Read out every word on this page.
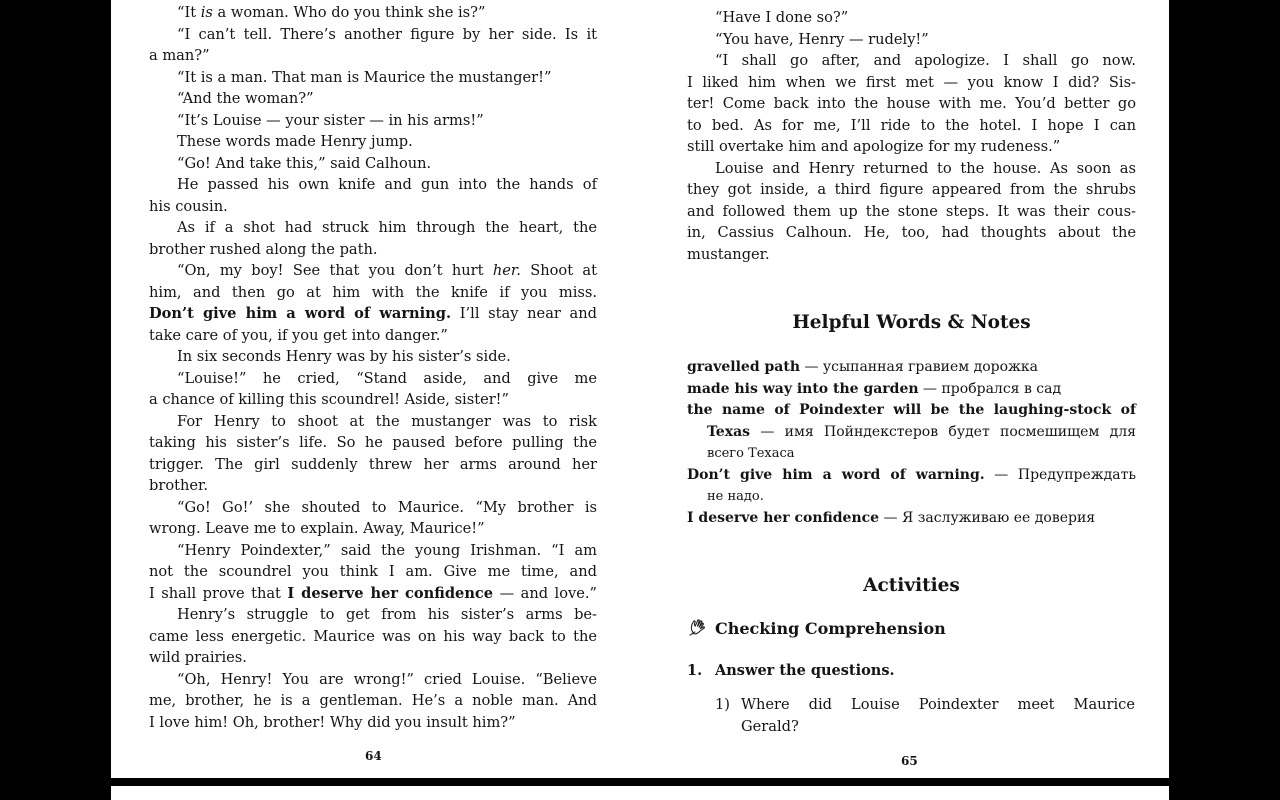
“It is a woman. Who do you think she is?”

“I can’t tell. There’s another figure by her side. Is it

a man?”

“It is a man. That man is Maurice the mustanger!”

“And the woman?”

“It’s Louise — your sister — in his arms!”

These words made Henry jump.

“Go! And take this,” said Calhoun.

He passed his own knife and gun into the hands of

his cousin.

As if a shot had struck him through the heart, the

brother rushed along the path.

“On, my boy! See that you don’t hurt her. Shoot at

him, and then go at him with the knife if you miss.

Don’t give him a word of warning. I’ll stay near and

take care of you, if you get into danger.”

In six seconds Henry was by his sister’s side.

“Louise!” he cried, “Stand aside, and give me

a chance of killing this scoundrel! Aside, sister!”

For Henry to shoot at the mustanger was to risk

taking his sister’s life. So he paused before pulling the

trigger. The girl suddenly threw her arms around her

brother.

“Go! Go!’ she shouted to Maurice. “My brother is

wrong. Leave me to explain. Away, Maurice!”

“Henry Poindexter,” said the young Irishman. “I am

not the scoundrel you think I am. Give me time, and

I shall prove that I deserve her confidence — and love.”

Henry’s struggle to get from his sister’s arms be-

came less energetic. Maurice was on his way back to the

wild prairies.

“Oh, Henry! You are wrong!” cried Louise. “Believe

me, brother, he is a gentleman. He’s a noble man. And

I love him! Oh, brother! Why did you insult him?”

64

“Have I done so?”

“You have, Henry — rudely!”

“I shall go after, and apologize. I shall go now.

I liked him when we first met — you know I did? Sis-

ter! Come back into the house with me. You’d better go

to bed. As for me, I’ll ride to the hotel. I hope I can

still overtake him and apologize for my rudeness.”

Louise and Henry returned to the house. As soon as

they got inside, a third figure appeared from the shrubs

and followed them up the stone steps. It was their cous-

in, Cassius Calhoun. He, too, had thoughts about the

mustanger.

Helpful Words & Notes

gravelled path — усыпанная гравием дорожка

made his way into the garden — пробрался в сад

the name of Poindexter will be the laughing-stock of

Texas — имя Пойндекстеров будет посмешищем для

всего Техаса

Don’t give him a word of warning. — Предупреждать

не надо.

I deserve her confidence — Я заслуживаю ее доверия

Activities
Checking Comprehension
1. Answer the questions.

1) Where did Louise Poindexter meet Maurice

Gerald?

65
